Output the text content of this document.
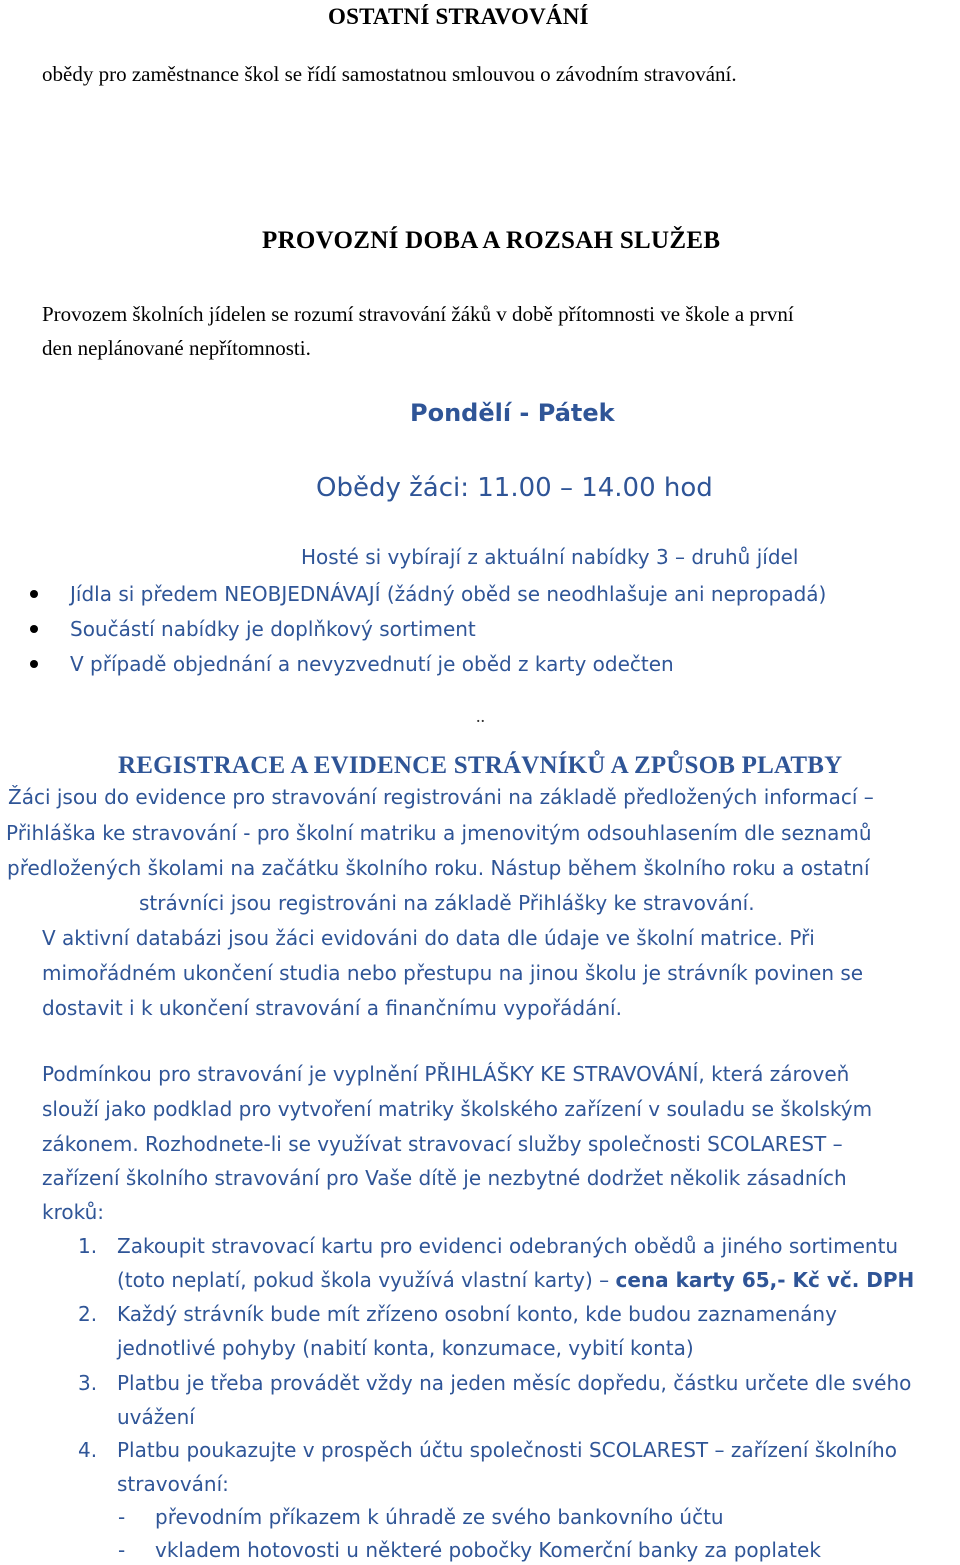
OSTATNÍ STRAVOVÁNÍ
obědy pro zaměstnance škol se řídí samostatnou smlouvou o závodním stravování.
PROVOZNÍ DOBA A ROZSAH SLUŽEB
Provozem školních jídelen se rozumí stravování žáků v době přítomnosti ve škole a první
den neplánované nepřítomnosti.
Pondělí - Pátek
Obědy žáci: 11.00 – 14.00 hod
Hosté si vybírají z aktuální nabídky 3 – druhů jídel
Jídla si předem NEOBJEDNÁVAJÍ (žádný oběd se neodhlašuje ani nepropadá)
Součástí nabídky je doplňkový sortiment
V případě objednání a nevyzvednutí je oběd z karty odečten
..
REGISTRACE A EVIDENCE STRÁVNÍKŮ A ZPŮSOB PLATBY
Žáci jsou do evidence pro stravování registrováni na základě předložených informací –
Přihláška ke stravování - pro školní matriku a jmenovitým odsouhlasením dle seznamů
předložených školami na začátku školního roku. Nástup během školního roku a ostatní
strávníci jsou registrováni na základě Přihlášky ke stravování.
V aktivní databázi jsou žáci evidováni do data dle údaje ve školní matrice. Při
mimořádném ukončení studia nebo přestupu na jinou školu je strávník povinen se
dostavit i k ukončení stravování a finančnímu vypořádání.
Podmínkou pro stravování je vyplnění PŘIHLÁŠKY KE STRAVOVÁNÍ, která zároveň
slouží jako podklad pro vytvoření matriky školského zařízení v souladu se školským
zákonem. Rozhodnete-li se využívat stravovací služby společnosti SCOLAREST –
zařízení školního stravování pro Vaše dítě je nezbytné dodržet několik zásadních
kroků:
1. Zakoupit stravovací kartu pro evidenci odebraných obědů a jiného sortimentu
(toto neplatí, pokud škola využívá vlastní karty) – cena karty 65,- Kč vč. DPH
2. Každý strávník bude mít zřízeno osobní konto, kde budou zaznamenány
jednotlivé pohyby (nabití konta, konzumace, vybití konta)
3. Platbu je třeba provádět vždy na jeden měsíc dopředu, částku určete dle svého
uvážení
4. Platbu poukazujte v prospěch účtu společnosti SCOLAREST – zařízení školního
stravování:
- převodním příkazem k úhradě ze svého bankovního účtu
- vkladem hotovosti u některé pobočky Komerční banky za poplatek
